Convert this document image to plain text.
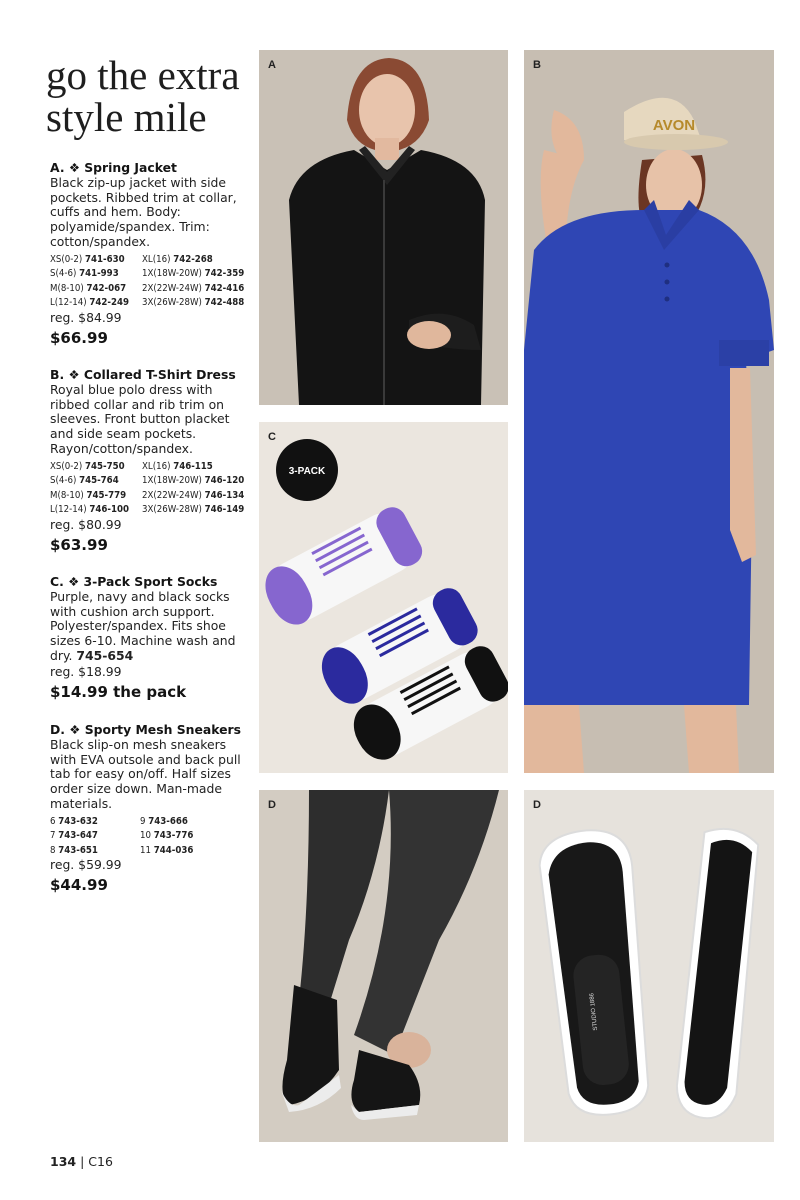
go the extra
style mile
A. ❖ Spring Jacket

Black zip-up jacket with side pockets. Ribbed trim at collar, cuffs and hem. Body: polyamide/spandex. Trim: cotton/spandex.

XS(0-2) 741-630	XL(16) 742-268
S(4-6) 741-993	1X(18W-20W) 742-359
M(8-10) 742-067	2X(22W-24W) 742-416
L(12-14) 742-249	3X(26W-28W) 742-488
reg. $84.99
$66.99
B. ❖ Collared T-Shirt Dress

Royal blue polo dress with ribbed collar and rib trim on sleeves. Front button placket and side seam pockets. Rayon/cotton/spandex.

XS(0-2) 745-750	XL(16) 746-115
S(4-6) 745-764	1X(18W-20W) 746-120
M(8-10) 745-779	2X(22W-24W) 746-134
L(12-14) 746-100	3X(26W-28W) 746-149
reg. $80.99
$63.99
C. ❖ 3-Pack Sport Socks

Purple, navy and black socks with cushion arch support. Polyester/spandex. Fits shoe sizes 6-10. Machine wash and dry. 745-654

reg. $18.99
$14.99 the pack
D. ❖ Sporty Mesh Sneakers

Black slip-on mesh sneakers with EVA outsole and back pull tab for easy on/off. Half sizes order size down. Man-made materials.

6 743-632	9 743-666
7 743-647	10 743-776
8 743-651	11 744-036
reg. $59.99
$44.99
A
AVON
B
3-PACK
C
D
STUDIO 1886
D
134 | C16
